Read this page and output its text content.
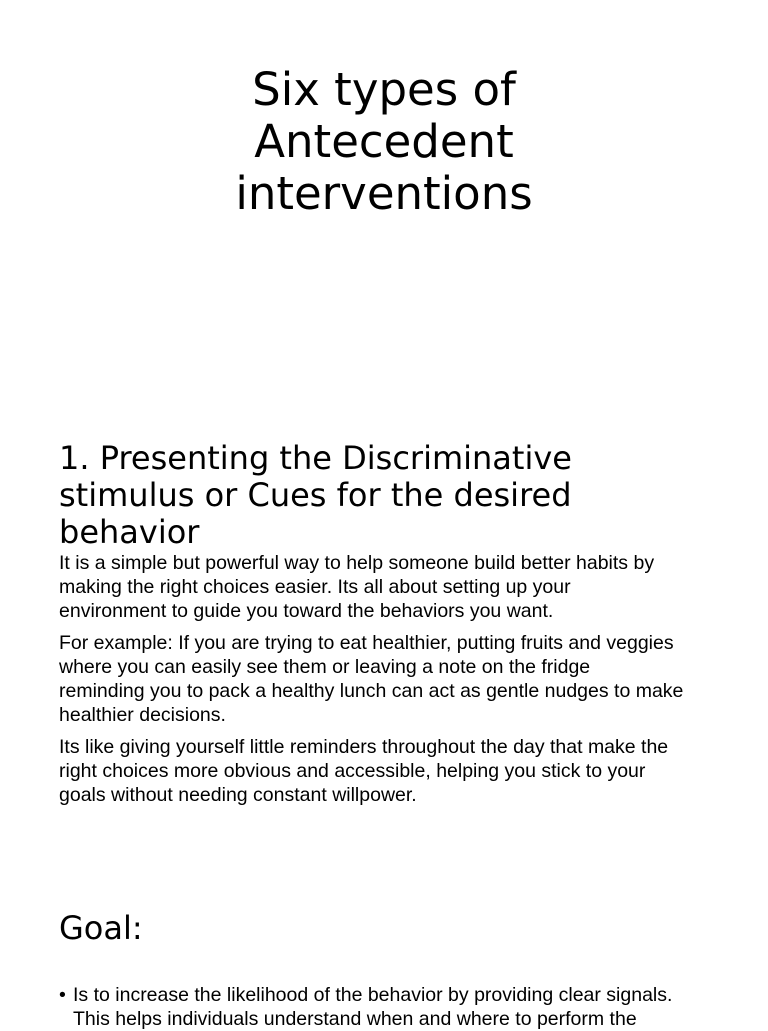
Six types of
Antecedent
interventions
1. Presenting the Discriminative
stimulus or Cues for the desired
behavior

It is a simple but powerful way to help someone build better habits by
making the right choices easier. Its all about setting up your
environment to guide you toward the behaviors you want.

For example: If you are trying to eat healthier, putting fruits and veggies
where you can easily see them or leaving a note on the fridge
reminding you to pack a healthy lunch can act as gentle nudges to make
healthier decisions.

Its like giving yourself little reminders throughout the day that make the
right choices more obvious and accessible, helping you stick to your
goals without needing constant willpower.

Goal:
• Is to increase the likelihood of the behavior by providing clear signals.
This helps individuals understand when and where to perform the
